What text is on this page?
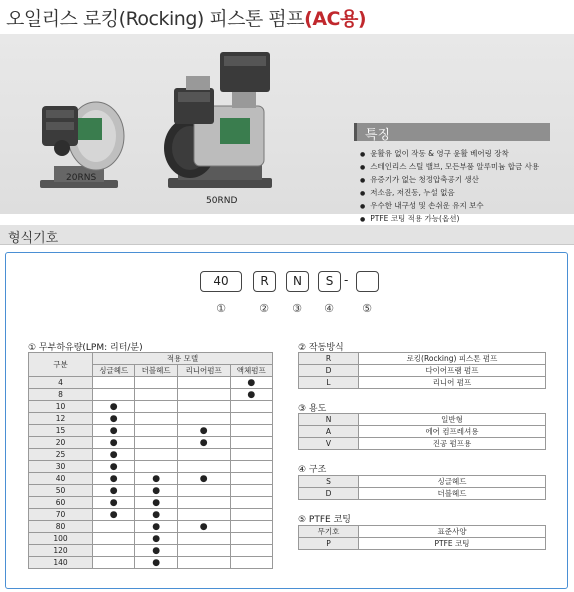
오일리스 로킹(Rocking) 피스톤 펌프(AC용)
20RNS
50RND
특징
● 윤활유 없이 작동 & 영구 윤활 베어링 장착
● 스테인리스 스틸 밸브, 모든부품 알루미늄 합금 사용
● 유증기가 없는 청정압축공기 생산
● 저소음, 저진동, 누설 없음
● 우수한 내구성 및 손쉬운 유지 보수
● PTFE 코팅 적용 가능(옵션)
형식기호
40	R	N	S -
①	②	③	④	⑤
① 무부하유량(LPM: 리터/분)
구분	적용 모델			
	싱글헤드	더블헤드	리니어펌프	액체펌프
4				●
8				●
10	●			
12	●			
15	●		●	
20	●		●	
25	●			
30	●			
40	●	●	●	
50	●	●		
60	●	●		
70	●	●		
80		●	●	
100		●		
120		●		
140		●		
② 작동방식
R	로킹(Rocking) 피스톤 펌프
D	다이어프램 펌프
L	리니어 펌프
③ 용도
N	일반형
A	에어 컴프레셔용
V	진공 펌프용
④ 구조
S	싱글헤드
D	더블헤드
⑤ PTFE 코팅
무기호	표준사양
P	PTFE 코팅
